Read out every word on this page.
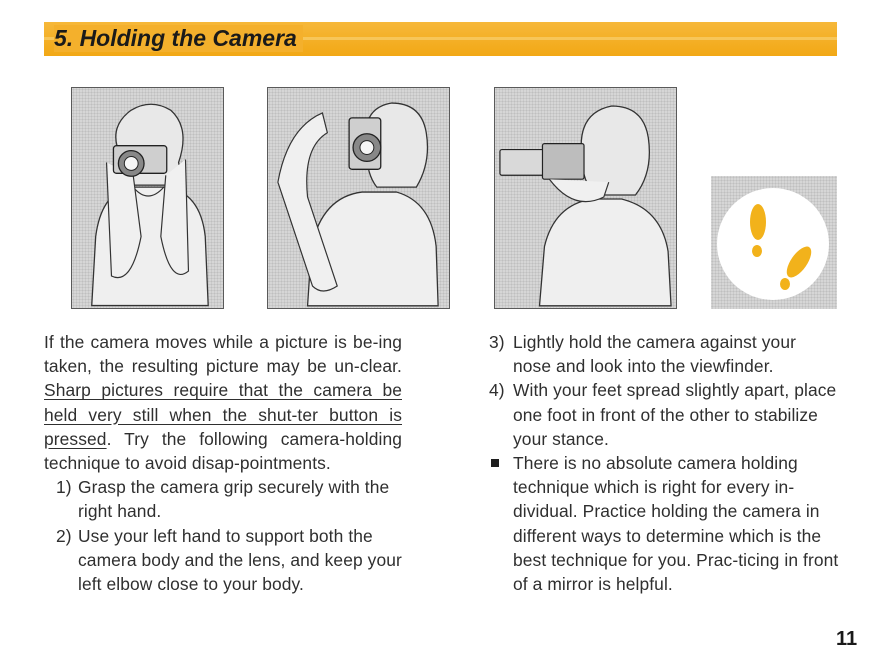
5. Holding the Camera

If the camera moves while a picture is be-ing taken, the resulting picture may be un-clear. Sharp pictures require that the camera be held very still when the shut-ter button is pressed. Try the following camera-holding technique to avoid disap-pointments.

1) Grasp the camera grip securely with the right hand.
2) Use your left hand to support both the camera body and the lens, and keep your left elbow close to your body.
3) Lightly hold the camera against your nose and look into the viewfinder.
4) With your feet spread slightly apart, place one foot in front of the other to stabilize your stance.
There is no absolute camera holding technique which is right for every in-dividual. Practice holding the camera in different ways to determine which is the best technique for you. Prac-ticing in front of a mirror is helpful.
11
